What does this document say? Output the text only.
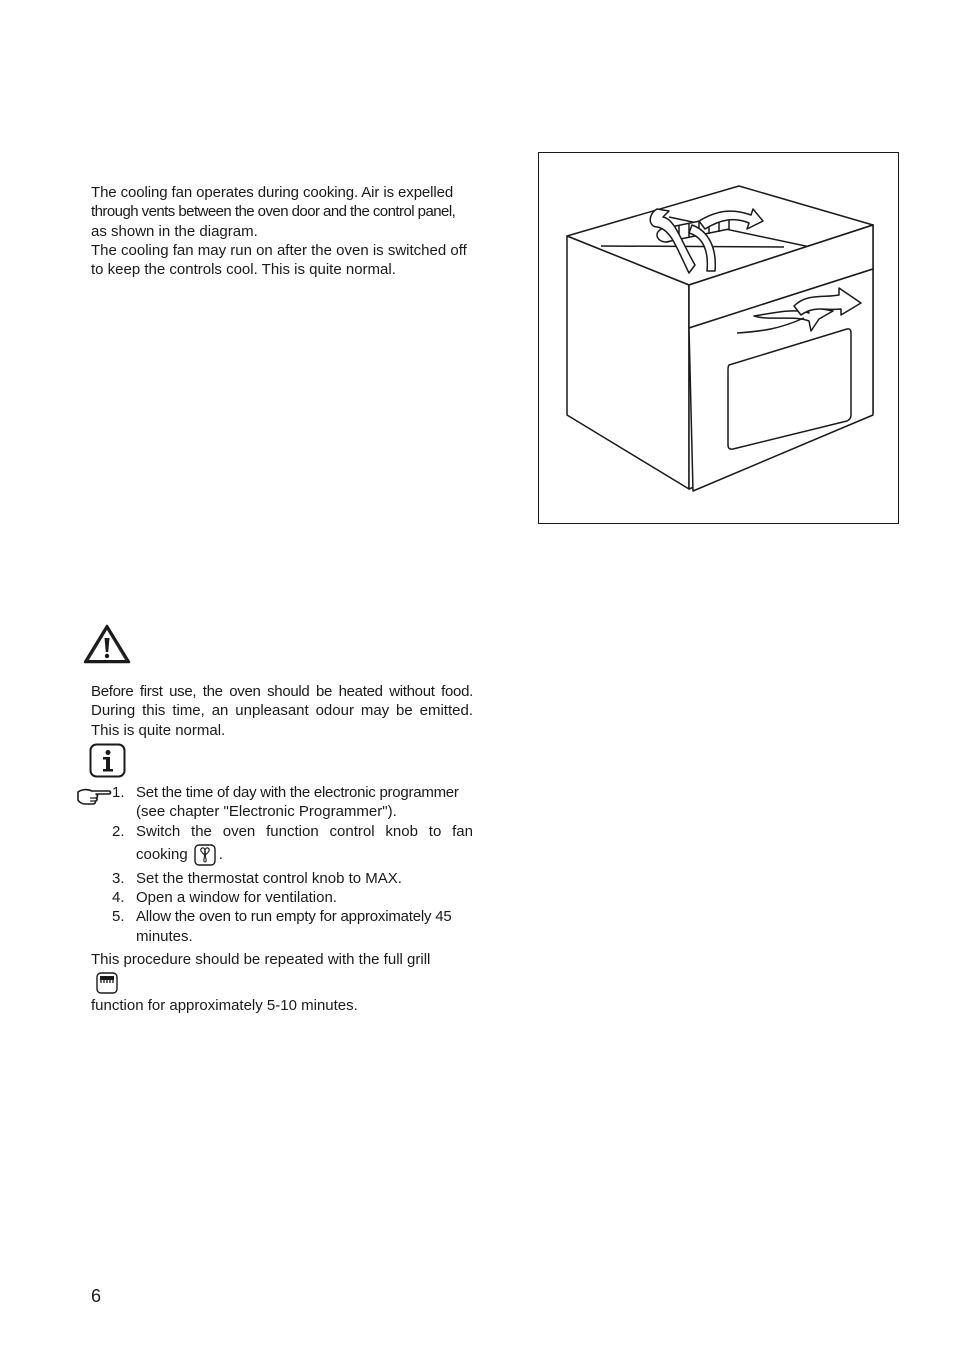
The cooling fan operates during cooking. Air is expelled
through vents between the oven door and the control panel,
as shown in the diagram.
The cooling fan may run on after the oven is switched off
to keep the controls cool. This is quite normal.
Before first use, the oven should be heated without food.
During this time, an unpleasant odour may be emitted.
This is quite normal.
1. Set the time of day with the electronic programmer
(see chapter "Electronic Programmer").
2. Switch the oven function control knob to fan
cooking .
3. Set the thermostat control knob to MAX.
4. Open a window for ventilation.
5. Allow the oven to run empty for approximately 45
minutes.
This procedure should be repeated with the full grill
function for approximately 5-10 minutes.
6
